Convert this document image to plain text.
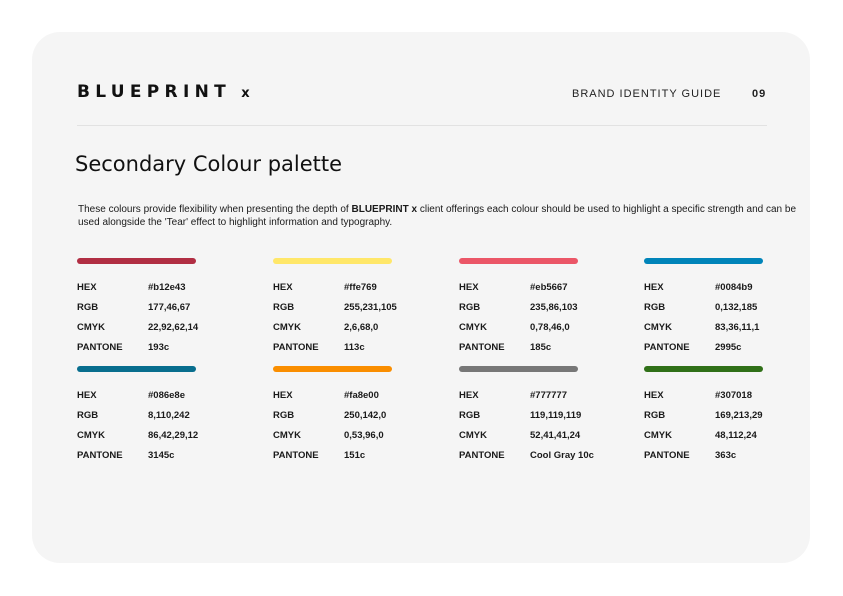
BLUEPRINT x	BRAND IDENTITY GUIDE	09
Secondary Colour palette

These colours provide flexibility when presenting the depth of BLUEPRINT x client offerings each colour should be used to highlight a specific strength and can be used alongside the 'Tear' effect to highlight information and typography.

HEX	#b12e43
RGB	177,46,67
CMYK	22,92,62,14
PANTONE	193c
HEX	#ffe769
RGB	255,231,105
CMYK	2,6,68,0
PANTONE	113c
HEX	#eb5667
RGB	235,86,103
CMYK	0,78,46,0
PANTONE	185c
HEX	#0084b9
RGB	0,132,185
CMYK	83,36,11,1
PANTONE	2995c
HEX	#086e8e
RGB	8,110,242
CMYK	86,42,29,12
PANTONE	3145c
HEX	#fa8e00
RGB	250,142,0
CMYK	0,53,96,0
PANTONE	151c
HEX	#777777
RGB	119,119,119
CMYK	52,41,41,24
PANTONE	Cool Gray 10c
HEX	#307018
RGB	169,213,29
CMYK	48,112,24
PANTONE	363c
